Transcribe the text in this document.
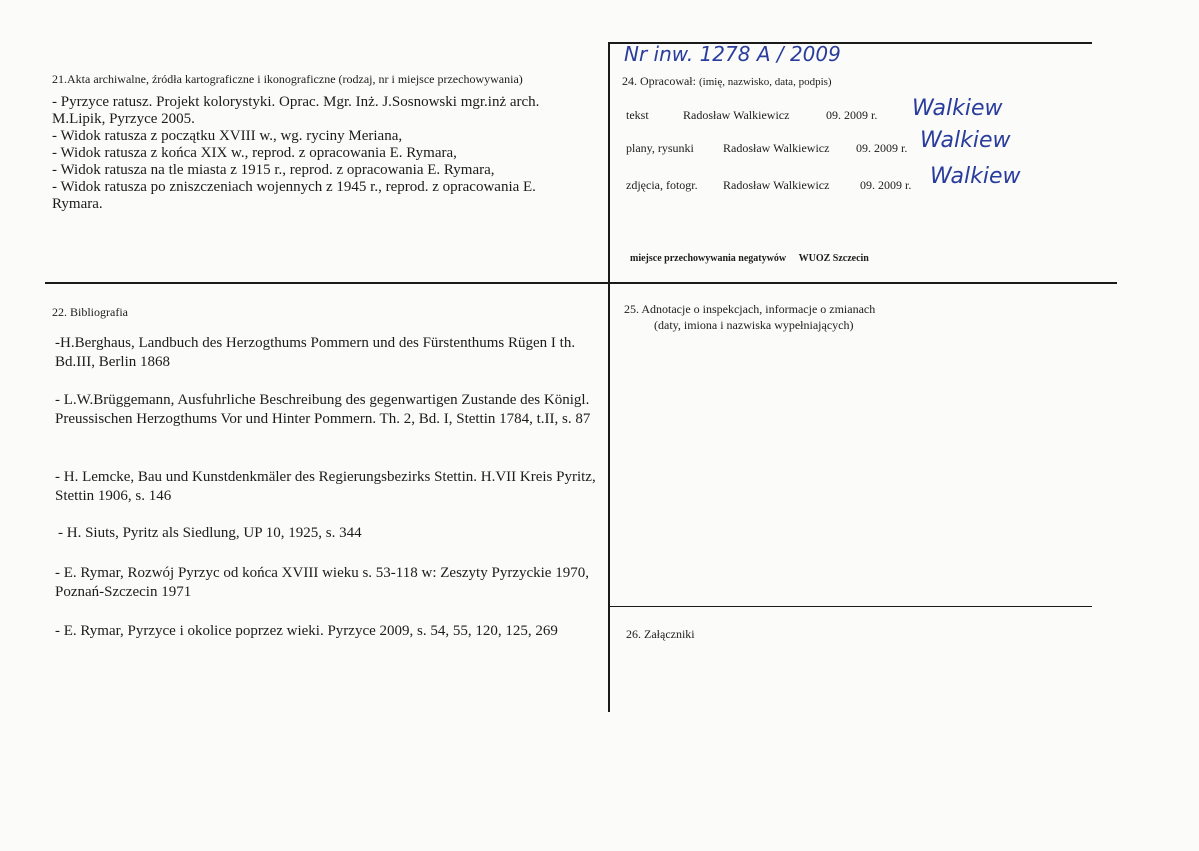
Nr inw. 1278 A / 2009
21.Akta archiwalne, źródła kartograficzne i ikonograficzne (rodzaj, nr i miejsce przechowywania)
- Pyrzyce ratusz. Projekt kolorystyki. Oprac. Mgr. Inż. J.Sosnowski mgr.inż arch.
M.Lipik, Pyrzyce 2005.
- Widok ratusza z początku XVIII w., wg. ryciny Meriana,
- Widok ratusza z końca XIX w., reprod. z opracowania E. Rymara,
- Widok ratusza na tle miasta z 1915 r., reprod. z opracowania E. Rymara,
- Widok ratusza po zniszczeniach wojennych z 1945 r., reprod. z opracowania E.
Rymara.
24. Opracował: (imię, nazwisko, data, podpis)
tekst	Radosław Walkiewicz	09. 2009 r. Walkiew
plany, rysunki Radosław Walkiewicz 09. 2009 r. Walkiew
zdjęcia, fotogr. Radosław Walkiewicz	09. 2009 r. Walkiew
miejsce przechowywania negatywów WUOZ Szczecin
22. Bibliografia
-H.Berghaus, Landbuch des Herzogthums Pommern und des Fürstenthums Rügen I th. Bd.III, Berlin 1868
- L.W.Brüggemann, Ausfuhrliche Beschreibung des gegenwartigen Zustande des Königl. Preussischen Herzogthums Vor und Hinter Pommern. Th. 2, Bd. I, Stettin 1784, t.II, s. 87
- H. Lemcke, Bau und Kunstdenkmäler des Regierungsbezirks Stettin. H.VII Kreis Pyritz, Stettin 1906, s. 146
- H. Siuts, Pyritz als Siedlung, UP 10, 1925, s. 344
- E. Rymar, Rozwój Pyrzyc od końca XVIII wieku s. 53-118 w: Zeszyty Pyrzyckie 1970, Poznań-Szczecin 1971
- E. Rymar, Pyrzyce i okolice poprzez wieki. Pyrzyce 2009, s. 54, 55, 120, 125, 269
25. Adnotacje o inspekcjach, informacje o zmianach
(daty, imiona i nazwiska wypełniających)
26. Załączniki
